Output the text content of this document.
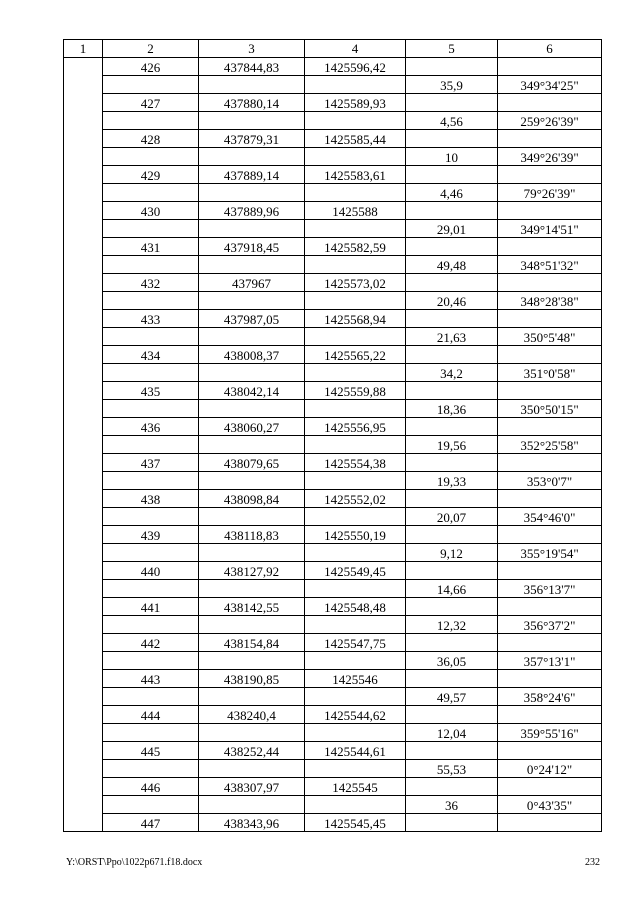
1	2	3	4	5	6
	426	437844,83	1425596,42		
				35,9	349°34'25"
	427	437880,14	1425589,93		
				4,56	259°26'39"
	428	437879,31	1425585,44		
				10	349°26'39"
	429	437889,14	1425583,61		
				4,46	79°26'39"
	430	437889,96	1425588		
				29,01	349°14'51"
	431	437918,45	1425582,59		
				49,48	348°51'32"
	432	437967	1425573,02		
				20,46	348°28'38"
	433	437987,05	1425568,94		
				21,63	350°5'48"
	434	438008,37	1425565,22		
				34,2	351°0'58"
	435	438042,14	1425559,88		
				18,36	350°50'15"
	436	438060,27	1425556,95		
				19,56	352°25'58"
	437	438079,65	1425554,38		
				19,33	353°0'7"
	438	438098,84	1425552,02		
				20,07	354°46'0"
	439	438118,83	1425550,19		
				9,12	355°19'54"
	440	438127,92	1425549,45		
				14,66	356°13'7"
	441	438142,55	1425548,48		
				12,32	356°37'2"
	442	438154,84	1425547,75		
				36,05	357°13'1"
	443	438190,85	1425546		
				49,57	358°24'6"
	444	438240,4	1425544,62		
				12,04	359°55'16"
	445	438252,44	1425544,61		
				55,53	0°24'12"
	446	438307,97	1425545		
				36	0°43'35"
	447	438343,96	1425545,45		
Y:\ORST\Ppo\1022p671.f18.docx	232
